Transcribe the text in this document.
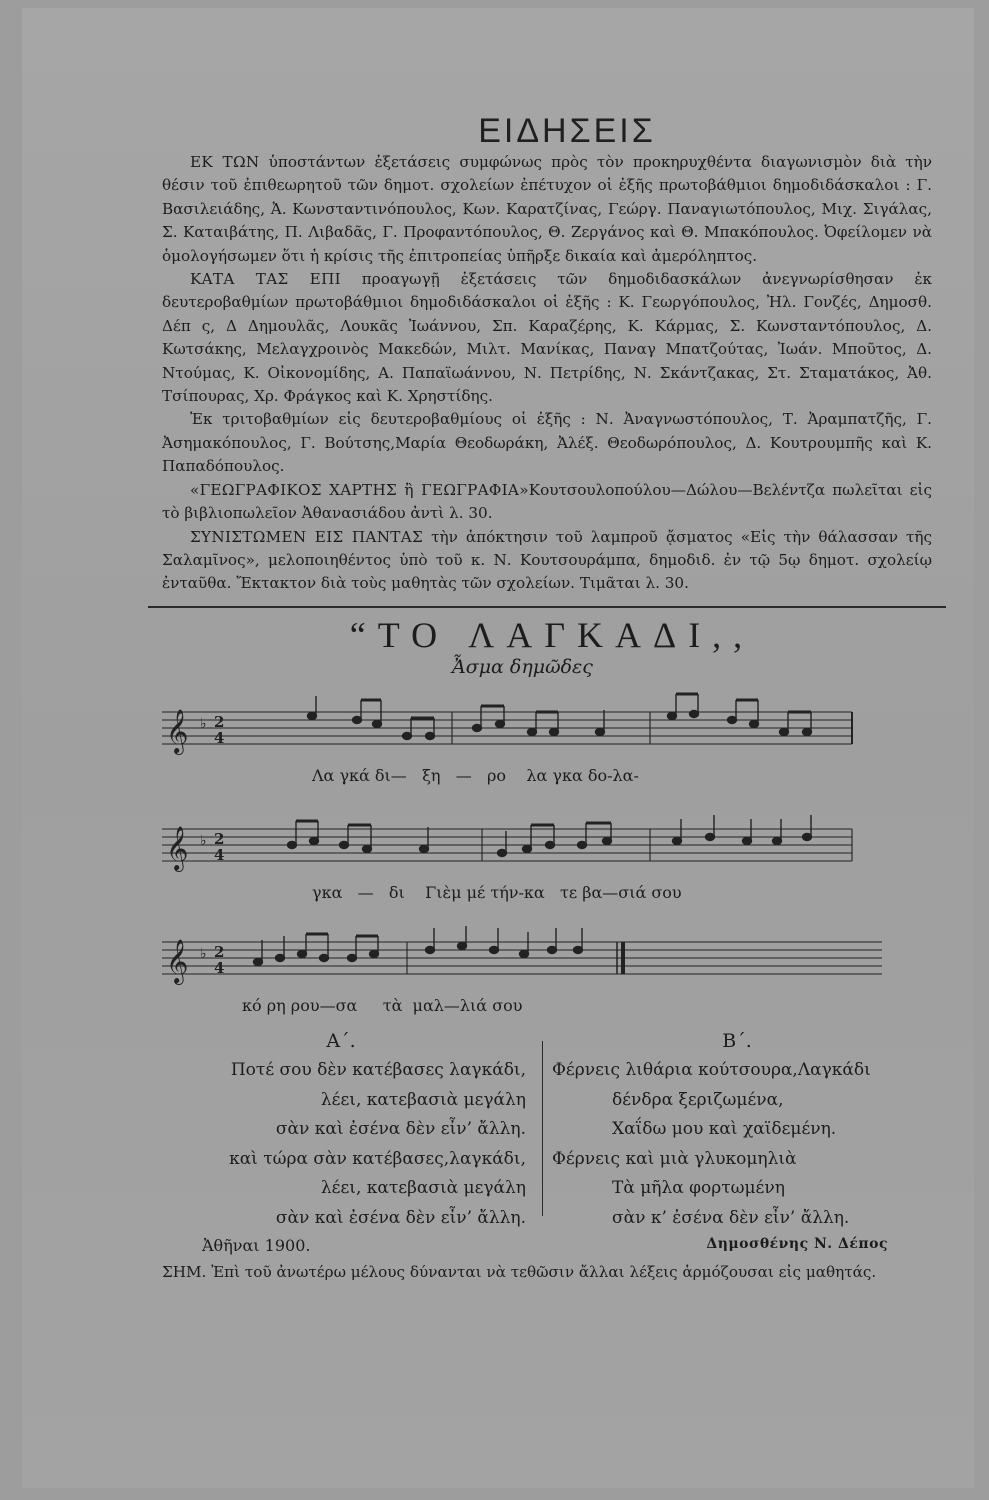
ΕΙΔΗΣΕΙΣ

ΕΚ ΤΩΝ ὑποστάντων ἐξετάσεις συμφώνως πρὸς τὸν προκηρυχθέντα διαγωνισμὸν διὰ τὴν θέσιν τοῦ ἐπιθεωρητοῦ τῶν δημοτ. σχολείων ἐπέτυχον οἱ ἐξῆς πρωτοβάθμιοι δημοδιδάσκαλοι : Γ. Βασιλειάδης, Ἀ. Κωνσταντινόπουλος, Κων. Καρατζίνας, Γεώργ. Παναγιωτόπουλος, Μιχ. Σιγάλας, Σ. Καταιβάτης, Π. Λιβαδᾶς, Γ. Προφαντόπουλος, Θ. Ζεργάνος καὶ Θ. Μπακόπουλος. Ὀφείλομεν νὰ ὁμολογήσωμεν ὅτι ἡ κρίσις τῆς ἐπιτροπείας ὑπῆρξε δικαία καὶ ἀμερόληπτος.

ΚΑΤΑ ΤΑΣ ΕΠΙ προαγωγῇ ἐξετάσεις τῶν δημοδιδασκάλων ἀνεγνωρίσθησαν ἐκ δευτεροβαθμίων πρωτοβάθμιοι δημοδιδάσκαλοι οἱ ἐξῆς : Κ. Γεωργόπουλος, Ἠλ. Γονζές, Δημοσθ. Δέπ ς, Δ Δημουλᾶς, Λουκᾶς Ἰωάννου, Σπ. Καραζέρης, Κ. Κάρμας, Σ. Κωνσταντόπουλος, Δ. Κωτσάκης, Μελαγχροινὸς Μακεδών, Μιλτ. Μανίκας, Παναγ Μπατζούτας, Ἰωάν. Μποῦτος, Δ. Ντούμας, Κ. Οἰκονομίδης, Α. Παπαϊωάννου, Ν. Πετρίδης, Ν. Σκάντζακας, Στ. Σταματάκος, Ἀθ. Τσίπουρας, Χρ. Φράγκος καὶ Κ. Χρηστίδης.

Ἐκ τριτοβαθμίων εἰς δευτεροβαθμίους οἱ ἐξῆς : Ν. Ἀναγνωστόπουλος, Τ. Ἀραμπατζῆς, Γ. Ἀσημακόπουλος, Γ. Βούτσης,Μαρία Θεοδωράκη, Ἀλέξ. Θεοδωρόπουλος, Δ. Κουτρουμπῆς καὶ Κ. Παπαδόπουλος.

«ΓΕΩΓΡΑΦΙΚΟΣ ΧΑΡΤΗΣ ἢ ΓΕΩΓΡΑΦΙΑ»Κουτσουλοπούλου—Δώλου—Βελέντζα πωλεῖται εἰς τὸ βιβλιοπωλεῖον Ἀθανασιάδου ἀντὶ λ. 30.

ΣΥΝΙΣΤΩΜΕΝ ΕΙΣ ΠΑΝΤΑΣ τὴν ἀπόκτησιν τοῦ λαμπροῦ ᾄσματος «Εἰς τὴν θάλασσαν τῆς Σαλαμῖνος», μελοποιηθέντος ὑπὸ τοῦ κ. Ν. Κουτσουράμπα, δημοδιδ. ἐν τῷ 5ῳ δημοτ. σχολείῳ ἐνταῦθα. Ἔκτακτον διὰ τοὺς μαθητὰς τῶν σχολείων. Τιμᾶται λ. 30.

“ΤΟ ΛΑΓΚΑΔΙ,,
Ἆσμα δημῶδες
𝄞 ♭ 2
4
Λα γκά δι—   ξη   —   ρο    λα γκα δο-λα-
𝄞 ♭ 2
4
γκα   —   δι    Γιὲμ μέ τήν-κα   τε βα—σιά σου
𝄞 ♭ 2
4
κό ρη ρου—σα     τὰ  μαλ—λιά σου
Α΄.
Ποτέ σου δὲν κατέβασες λαγκάδι,
λέει, κατεβασιὰ μεγάλη
σὰν καὶ ἐσένα δὲν εἶν’ ἄλλη.
καὶ τώρα σὰν κατέβασες,λαγκάδι,
λέει, κατεβασιὰ μεγάλη
σὰν καὶ ἐσένα δὲν εἶν’ ἄλλη.
Β΄.
Φέρνεις λιθάρια κούτσουρα,Λαγκάδι
δένδρα ξεριζωμένα,
Χαΐδω μου καὶ χαϊδεμένη.
Φέρνεις καὶ μιὰ γλυκομηλιὰ
Τὰ μῆλα φορτωμένη
σὰν κ’ ἐσένα δὲν εἶν’ ἄλλη.
Ἀθῆναι 1900.	Δημοσθένης Ν. Δέπος
ΣΗΜ. Ἐπὶ τοῦ ἀνωτέρω μέλους δύνανται νὰ τεθῶσιν ἄλλαι λέξεις ἁρμόζουσαι εἰς μαθητάς.
